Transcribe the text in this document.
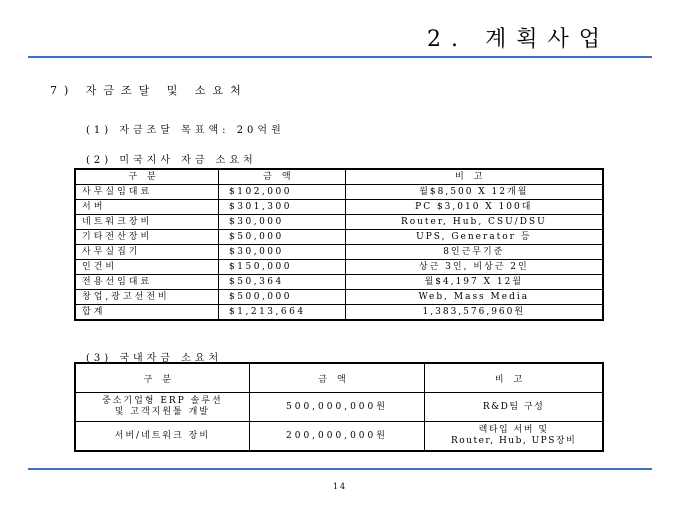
2. 계획사업
7) 자금조달 및 소요처
(1) 자금조달 목표액: 20억원
(2) 미국지사 자금 소요처
구분	금액	비고
사무실임대료	$102,000	월$8,500 X 12개월
서버	$301,300	PC $3,010 X 100대
네트워크장비	$30,000	Router, Hub, CSU/DSU
기타전산장비	$50,000	UPS, Generator 등
사무실집기	$30,000	8인근무기준
인건비	$150,000	상근 3인, 비상근 2인
전용선임대료	$50,364	월$4,197 X 12월
창업,광고선전비	$500,000	Web, Mass Media
합계	$1,213,664	1,383,576,960원
(3) 국내자금 소요처
구분	금액	비고

중소기업형 ERP 솔루션
및 고객지원툴 개발	500,000,000원	R&D팀 구성

서버/네트워크 장비	200,000,000원	렉타입 서버 및
Router, Hub, UPS장비
14
